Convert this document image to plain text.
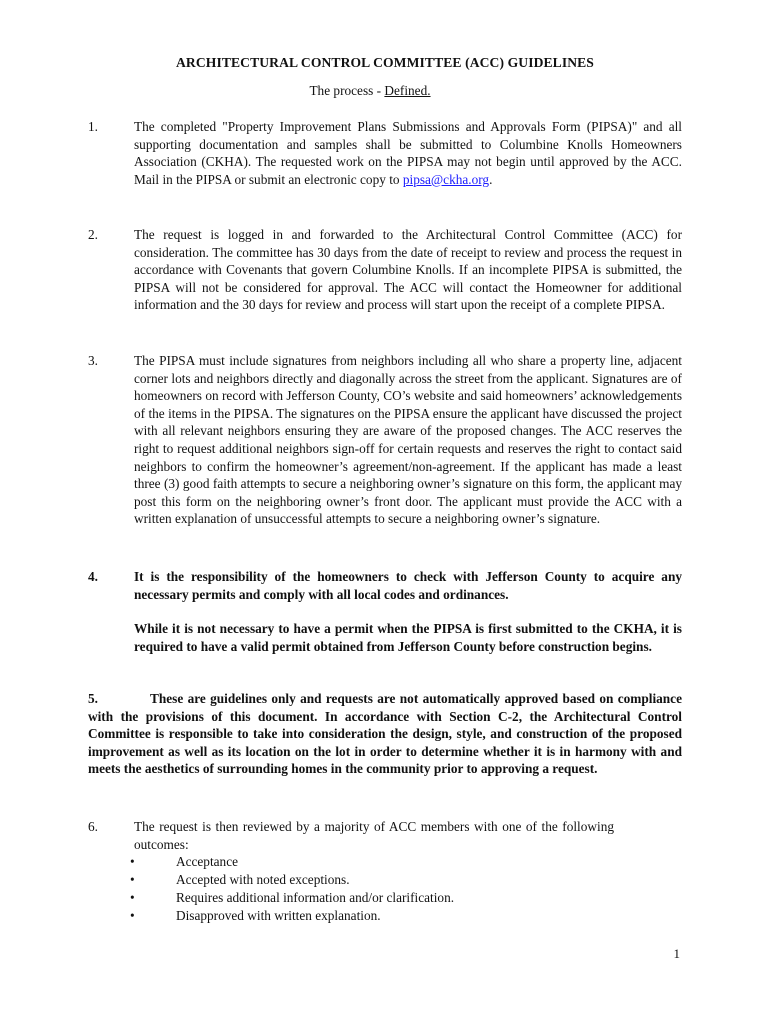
ARCHITECTURAL CONTROL COMMITTEE (ACC) GUIDELINES
The process - Defined.
1.	The completed "Property Improvement Plans Submissions and Approvals Form (PIPSA)" and all supporting documentation and samples shall be submitted to Columbine Knolls Homeowners Association (CKHA). The requested work on the PIPSA may not begin until approved by the ACC. Mail in the PIPSA or submit an electronic copy to pipsa@ckha.org.
2.	The request is logged in and forwarded to the Architectural Control Committee (ACC) for consideration. The committee has 30 days from the date of receipt to review and process the request in accordance with Covenants that govern Columbine Knolls. If an incomplete PIPSA is submitted, the PIPSA will not be considered for approval. The ACC will contact the Homeowner for additional information and the 30 days for review and process will start upon the receipt of a complete PIPSA.
3.	The PIPSA must include signatures from neighbors including all who share a property line, adjacent corner lots and neighbors directly and diagonally across the street from the applicant. Signatures are of homeowners on record with Jefferson County, CO’s website and said homeowners’ acknowledgements of the items in the PIPSA. The signatures on the PIPSA ensure the applicant have discussed the project with all relevant neighbors ensuring they are aware of the proposed changes. The ACC reserves the right to request additional neighbors sign-off for certain requests and reserves the right to contact said neighbors to confirm the homeowner’s agreement/non-agreement. If the applicant has made a least three (3) good faith attempts to secure a neighboring owner’s signature on this form, the applicant may post this form on the neighboring owner’s front door. The applicant must provide the ACC with a written explanation of unsuccessful attempts to secure a neighboring owner’s signature.
4.	It is the responsibility of the homeowners to check with Jefferson County to acquire any necessary permits and comply with all local codes and ordinances.
While it is not necessary to have a permit when the PIPSA is first submitted to the CKHA, it is required to have a valid permit obtained from Jefferson County before construction begins.
5.	These are guidelines only and requests are not automatically approved based on compliance with the provisions of this document. In accordance with Section C-2, the Architectural Control Committee is responsible to take into consideration the design, style, and construction of the proposed improvement as well as its location on the lot in order to determine whether it is in harmony with and meets the aesthetics of surrounding homes in the community prior to approving a request.
6.	The request is then reviewed by a majority of ACC members with one of the following outcomes:
•	Acceptance
•	Accepted with noted exceptions.
•	Requires additional information and/or clarification.
•	Disapproved with written explanation.
1
